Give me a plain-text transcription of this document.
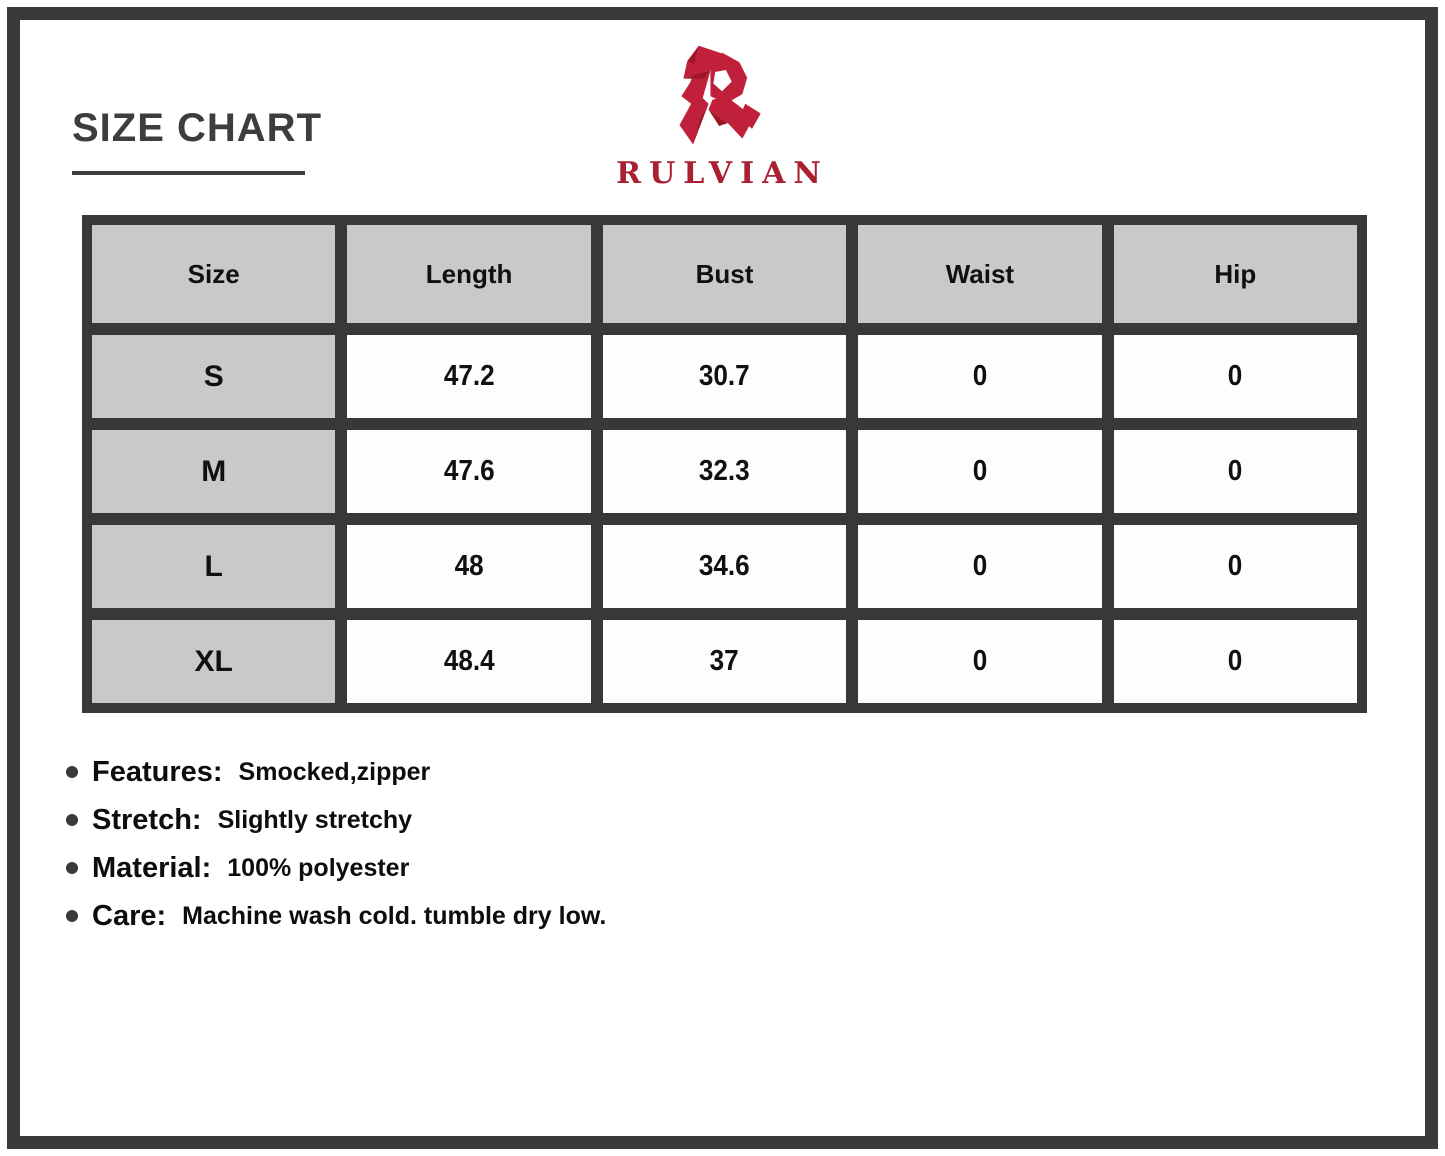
SIZE CHART
RULVIAN
Size	Length	Bust	Waist	Hip
S	47.2	30.7	0	0
M	47.6	32.3	0	0
L	48	34.6	0	0
XL	48.4	37	0	0
Features: Smocked,zipper
Stretch: Slightly stretchy
Material: 100% polyester
Care: Machine wash cold. tumble dry low.
